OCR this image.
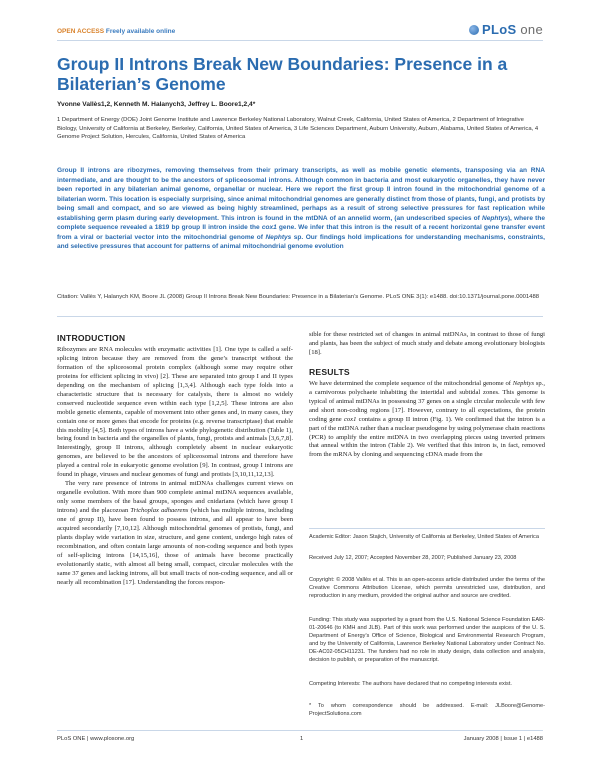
OPEN ACCESS Freely available online	PLoS one
Group II Introns Break New Boundaries: Presence in a Bilaterian’s Genome
Yvonne Vallès1,2, Kenneth M. Halanych3, Jeffrey L. Boore1,2,4*
1 Department of Energy (DOE) Joint Genome Institute and Lawrence Berkeley National Laboratory, Walnut Creek, California, United States of America, 2 Department of Integrative Biology, University of California at Berkeley, Berkeley, California, United States of America, 3 Life Sciences Department, Auburn University, Auburn, Alabama, United States of America, 4 Genome Project Solution, Hercules, California, United States of America
Group II introns are ribozymes, removing themselves from their primary transcripts, as well as mobile genetic elements, transposing via an RNA intermediate, and are thought to be the ancestors of spliceosomal introns. Although common in bacteria and most eukaryotic organelles, they have never been reported in any bilaterian animal genome, organellar or nuclear. Here we report the first group II intron found in the mitochondrial genome of a bilaterian worm. This location is especially surprising, since animal mitochondrial genomes are generally distinct from those of plants, fungi, and protists by being small and compact, and so are viewed as being highly streamlined, perhaps as a result of strong selective pressures for fast replication while establishing germ plasm during early development. This intron is found in the mtDNA of an annelid worm, (an undescribed species of Nephtys), where the complete sequence revealed a 1819 bp group II intron inside the cox1 gene. We infer that this intron is the result of a recent horizontal gene transfer event from a viral or bacterial vector into the mitochondrial genome of Nephtys sp. Our findings hold implications for understanding mechanisms, constraints, and selective pressures that account for patterns of animal mitochondrial genome evolution
Citation: Vallès Y, Halanych KM, Boore JL (2008) Group II Introns Break New Boundaries: Presence in a Bilaterian’s Genome. PLoS ONE 3(1): e1488. doi:10.1371/journal.pone.0001488
INTRODUCTION

Ribozymes are RNA molecules with enzymatic activities [1]. One type is called a self-splicing intron because they are removed from the gene’s transcript without the formation of the spliceosomal protein complex (although some may require other proteins for efficient splicing in vivo) [2]. These are separated into group I and II types depending on the mechanism of splicing [1,3,4]. Although each type folds into a characteristic structure that is necessary for catalysis, there is almost no widely conserved nucleotide sequence even within each type [1,2,5]. These introns are also mobile genetic elements, capable of movement into other genes and, in many cases, they contain one or more genes that encode for proteins (e.g. reverse transcriptase) that enable this mobility [4,5]. Both types of introns have a wide phylogenetic distribution (Table 1), being found in bacteria and the organelles of plants, fungi, protists and animals [3,6,7,8]. Interestingly, group II introns, although completely absent in nuclear eukaryotic genomes, are believed to be the ancestors of spliceosomal introns and therefore have played a central role in eukaryotic genome evolution [9]. In contrast, group I introns are found in phage, viruses and nuclear genomes of fungi and protists [3,10,11,12,13].

The very rare presence of introns in animal mtDNAs challenges current views on organelle evolution. With more than 900 complete animal mtDNA sequences available, only some members of the basal groups, sponges and cnidarians (which have group I introns) and the placozoan Trichoplax adhaerens (which has multiple introns, including one of group II), have been found to possess introns, and all appear to have been acquired secondarily [7,10,12]. Although mitochondrial genomes of protists, fungi, and plants display wide variation in size, structure, and gene content, undergo high rates of recombination, and often contain large amounts of non-coding sequence and both types of self-splicing introns [14,15,16], those of animals have become practically evolutionarily static, with almost all being small, compact, circular molecules with the same 37 genes and lacking introns, all but small tracts of non-coding sequence, and all or nearly all recombination [17]. Understanding the forces respon-

sible for these restricted set of changes in animal mtDNAs, in contrast to those of fungi and plants, has been the subject of much study and debate among evolutionary biologists [18].

RESULTS

We have determined the complete sequence of the mitochondrial genome of Nephtys sp., a carnivorous polychaete inhabiting the intertidal and subtidal zones. This genome is typical of animal mtDNAs in possessing 37 genes on a single circular molecule with few and short non-coding regions [17]. However, contrary to all expectations, the protein coding gene cox1 contains a group II intron (Fig. 1). We confirmed that the intron is a part of the mtDNA rather than a nuclear pseudogene by using polymerase chain reactions (PCR) to amplify the entire mtDNA in two overlapping pieces using inverted primers that anneal within the intron (Table 2). We verified that this intron is, in fact, removed from the mRNA by cloning and sequencing cDNA made from the

Academic Editor: Jason Stajich, University of California at Berkeley, United States of America
Received July 12, 2007; Accepted November 28, 2007; Published January 23, 2008
Copyright: © 2008 Vallès et al. This is an open-access article distributed under the terms of the Creative Commons Attribution License, which permits unrestricted use, distribution, and reproduction in any medium, provided the original author and source are credited.
Funding: This study was supported by a grant from the U.S. National Science Foundation EAR-01-20646 (to KMH and JLB). Part of this work was performed under the auspices of the U. S. Department of Energy’s Office of Science, Biological and Environmental Research Program, and by the University of California, Lawrence Berkeley National Laboratory under Contract No. DE-AC02-05CH11231. The funders had no role in study design, data collection and analysis, decision to publish, or preparation of the manuscript.
Competing Interests: The authors have declared that no competing interests exist.
* To whom correspondence should be addressed. E-mail: JLBoore@Genome-ProjectSolutions.com
PLoS ONE | www.plosone.org	1	January 2008 | Issue 1 | e1488
